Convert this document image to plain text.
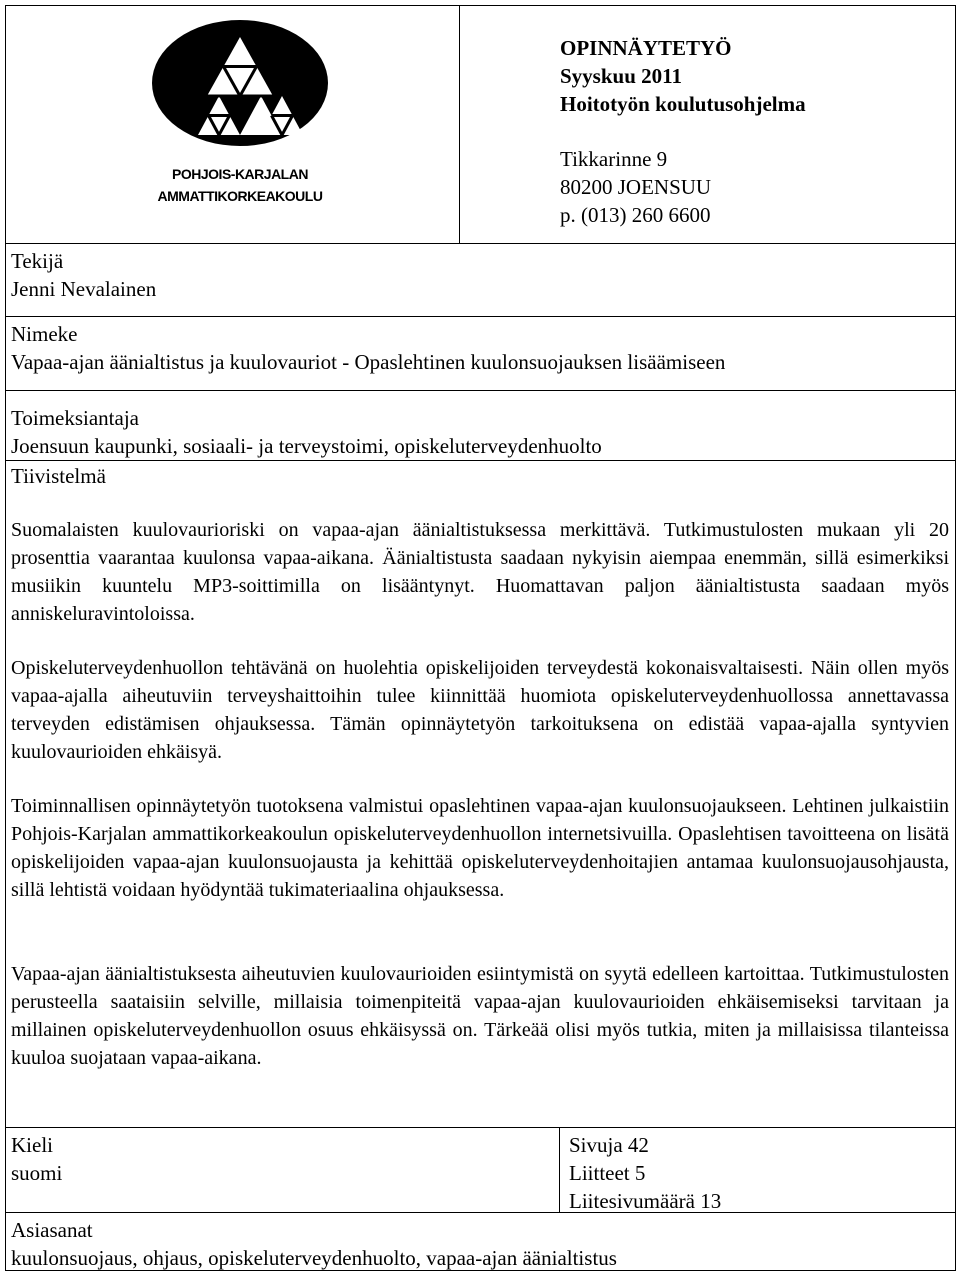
POHJOIS-KARJALAN
AMMATTIKORKEAKOULU
OPINNÄYTETYÖ
Syyskuu 2011
Hoitotyön koulutusohjelma
Tikkarinne 9
80200 JOENSUU
p. (013) 260 6600
Tekijä
Jenni Nevalainen
Nimeke
Vapaa-ajan äänialtistus ja kuulovauriot - Opaslehtinen kuulonsuojauksen lisäämiseen
Toimeksiantaja
Joensuun kaupunki, sosiaali- ja terveystoimi, opiskeluterveydenhuolto
Tiivistelmä
Suomalaisten kuulovaurioriski on vapaa-ajan äänialtistuksessa merkittävä. Tutkimustulosten mukaan yli 20 prosenttia vaarantaa kuulonsa vapaa-aikana. Äänialtistusta saadaan nykyisin aiempaa enemmän, sillä esimerkiksi musiikin kuuntelu MP3-soittimilla on lisääntynyt. Huomattavan paljon äänialtistusta saadaan myös anniskeluravintoloissa.
Opiskeluterveydenhuollon tehtävänä on huolehtia opiskelijoiden terveydestä kokonaisvaltaisesti. Näin ollen myös vapaa-ajalla aiheutuviin terveyshaittoihin tulee kiinnittää huomiota opiskeluterveydenhuollossa annettavassa terveyden edistämisen ohjauksessa. Tämän opinnäytetyön tarkoituksena on edistää vapaa-ajalla syntyvien kuulovaurioiden ehkäisyä.
Toiminnallisen opinnäytetyön tuotoksena valmistui opaslehtinen vapaa-ajan kuulonsuojaukseen. Lehtinen julkaistiin Pohjois-Karjalan ammattikorkeakoulun opiskeluterveydenhuollon internetsivuilla. Opaslehtisen tavoitteena on lisätä opiskelijoiden vapaa-ajan kuulonsuojausta ja kehittää opiskeluterveydenhoitajien antamaa kuulonsuojausohjausta, sillä lehtistä voidaan hyödyntää tukimateriaalina ohjauksessa.
Vapaa-ajan äänialtistuksesta aiheutuvien kuulovaurioiden esiintymistä on syytä edelleen kartoittaa. Tutkimustulosten perusteella saataisiin selville, millaisia toimenpiteitä vapaa-ajan kuulovaurioiden ehkäisemiseksi tarvitaan ja millainen opiskeluterveydenhuollon osuus ehkäisyssä on. Tärkeää olisi myös tutkia, miten ja millaisissa tilanteissa kuuloa suojataan vapaa-aikana.
Kieli
suomi
Sivuja 42
Liitteet 5
Liitesivumäärä 13
Asiasanat
kuulonsuojaus, ohjaus, opiskeluterveydenhuolto, vapaa-ajan äänialtistus
